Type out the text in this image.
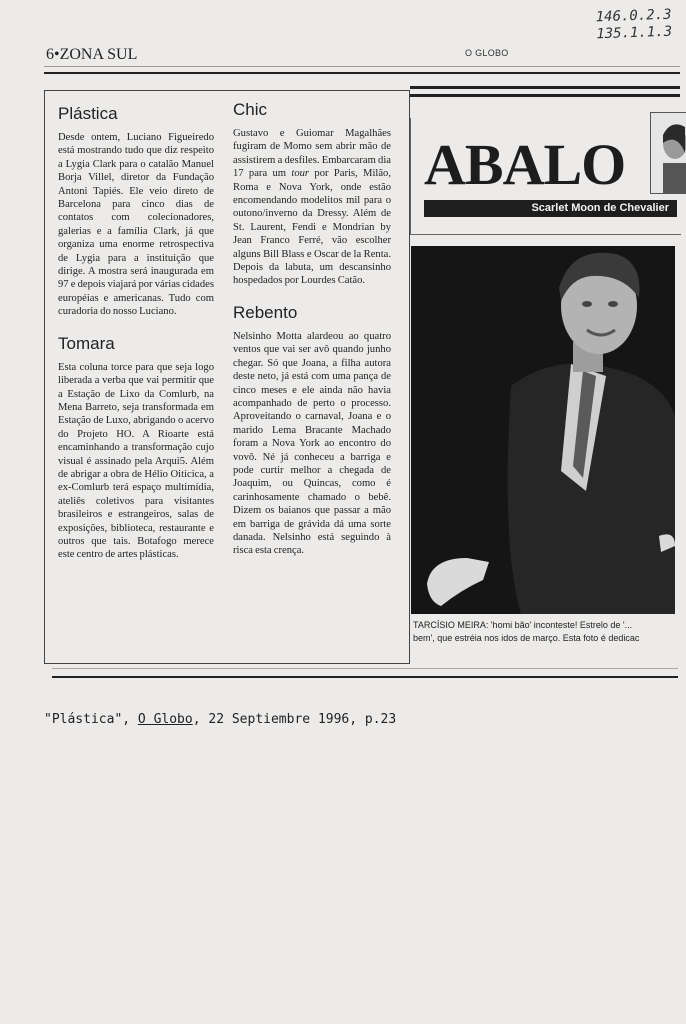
146.0.2.3
135.1.1.3
6•ZONA SUL	O GLOBO
Plástica

Desde ontem, Luciano Figueiredo está mostrando tudo que diz respeito a Lygia Clark para o catalão Manuel Borja Villel, diretor da Fundação Antoni Tapiés. Ele veio direto de Barcelona para cinco dias de contatos com colecionadores, galerias e a família Clark, já que organiza uma enorme retrospectiva de Lygia para a instituição que dirige. A mostra será inaugurada em 97 e depois viajará por várias cidades européias e americanas. Tudo com curadoria do nosso Luciano.

Tomara

Esta coluna torce para que seja logo liberada a verba que vai permitir que a Estação de Lixo da Comlurb, na Mena Barreto, seja transformada em Estação de Luxo, abrigando o acervo do Projeto HO. A Rioarte está encaminhando a transformação cujo visual é assinado pela Arqui5. Além de abrigar a obra de Hélio Oiticica, a ex-Comlurb terá espaço multimídia, ateliês coletivos para visitantes brasileiros e estrangeiros, salas de exposições, biblioteca, restaurante e outros que tais. Botafogo merece este centro de artes plásticas.

Chic

Gustavo e Guiomar Magalhães fugiram de Momo sem abrir mão de assistirem a desfiles. Embarcaram dia 17 para um tour por Paris, Milão, Roma e Nova York, onde estão encomendando modelitos mil para o outono/inverno da Dressy. Além de St. Laurent, Fendi e Mondrian by Jean Franco Ferré, vão escolher alguns Bill Blass e Oscar de la Renta. Depois da labuta, um descansinho hospedados por Lourdes Catão.

Rebento

Nelsinho Motta alardeou ao quatro ventos que vai ser avô quando junho chegar. Só que Joana, a filha autora deste neto, já está com uma pança de cinco meses e ele ainda não havia acompanhado de perto o processo. Aproveitando o carnaval, Joana e o marido Lema Bracante Machado foram a Nova York ao encontro do vovô. Né já conheceu a barriga e pode curtir melhor a chegada de Joaquim, ou Quincas, como é carinhosamente chamado o bebê. Dizem os baianos que passar a mão em barriga de grávida dá uma sorte danada. Nelsinho está seguindo à risca esta crença.

ABALO
Scarlet Moon de Chevalier
TARCÍSIO MEIRA: 'homi bão' inconteste! Estrelo de '...
bem', que estréia nos idos de março. Esta foto é dedicac
"Plástica", O Globo, 22 Septiembre 1996, p.23
